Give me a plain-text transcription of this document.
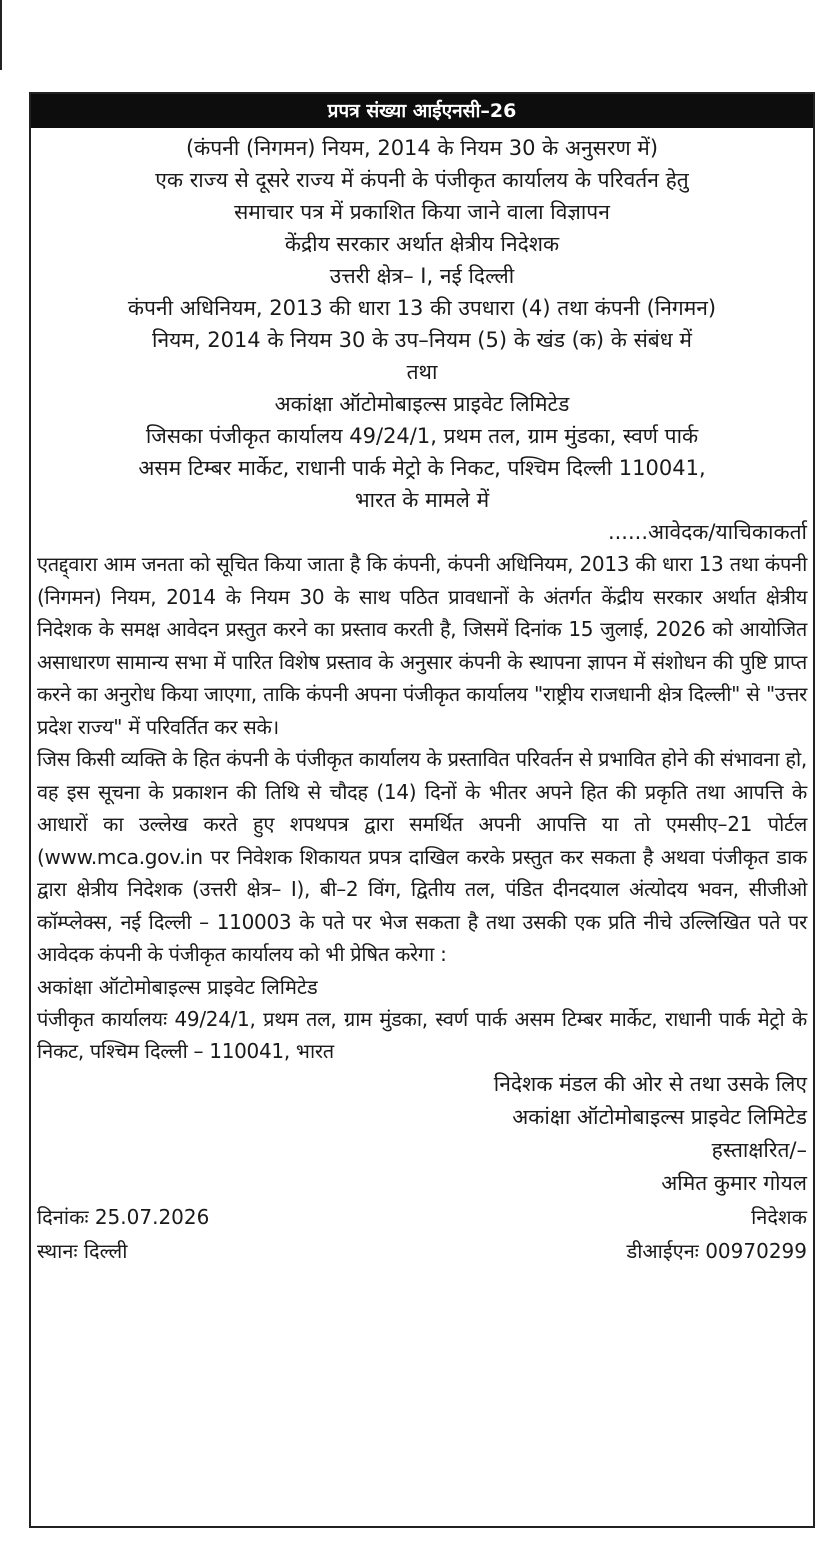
प्रपत्र संख्या आईएनसी–26

(कंपनी (निगमन) नियम, 2014 के नियम 30 के अनुसरण में)

एक राज्य से दूसरे राज्य में कंपनी के पंजीकृत कार्यालय के परिवर्तन हेतु

समाचार पत्र में प्रकाशित किया जाने वाला विज्ञापन

केंद्रीय सरकार अर्थात क्षेत्रीय निदेशक

उत्तरी क्षेत्र– I, नई दिल्ली

कंपनी अधिनियम, 2013 की धारा 13 की उपधारा (4) तथा कंपनी (निगमन)

नियम, 2014 के नियम 30 के उप–नियम (5) के खंड (क) के संबंध में

तथा

अकांक्षा ऑटोमोबाइल्स प्राइवेट लिमिटेड

जिसका पंजीकृत कार्यालय 49/24/1, प्रथम तल, ग्राम मुंडका, स्वर्ण पार्क

असम टिम्बर मार्केट, राधानी पार्क मेट्रो के निकट, पश्चिम दिल्ली 110041,

भारत के मामले में

......आवेदक/याचिकाकर्ता

एतद्द्वारा आम जनता को सूचित किया जाता है कि कंपनी, कंपनी अधिनियम, 2013 की धारा 13 तथा कंपनी (निगमन) नियम, 2014 के नियम 30 के साथ पठित प्रावधानों के अंतर्गत केंद्रीय सरकार अर्थात क्षेत्रीय निदेशक के समक्ष आवेदन प्रस्तुत करने का प्रस्ताव करती है, जिसमें दिनांक 15 जुलाई, 2026 को आयोजित असाधारण सामान्य सभा में पारित विशेष प्रस्ताव के अनुसार कंपनी के स्थापना ज्ञापन में संशोधन की पुष्टि प्राप्त करने का अनुरोध किया जाएगा, ताकि कंपनी अपना पंजीकृत कार्यालय "राष्ट्रीय राजधानी क्षेत्र दिल्ली" से "उत्तर प्रदेश राज्य" में परिवर्तित कर सके।

जिस किसी व्यक्ति के हित कंपनी के पंजीकृत कार्यालय के प्रस्तावित परिवर्तन से प्रभावित होने की संभावना हो, वह इस सूचना के प्रकाशन की तिथि से चौदह (14) दिनों के भीतर अपने हित की प्रकृति तथा आपत्ति के आधारों का उल्लेख करते हुए शपथपत्र द्वारा समर्थित अपनी आपत्ति या तो एमसीए–21 पोर्टल (www.mca.gov.in पर निवेशक शिकायत प्रपत्र दाखिल करके प्रस्तुत कर सकता है अथवा पंजीकृत डाक द्वारा क्षेत्रीय निदेशक (उत्तरी क्षेत्र– I), बी–2 विंग, द्वितीय तल, पंडित दीनदयाल अंत्योदय भवन, सीजीओ कॉम्प्लेक्स, नई दिल्ली – 110003 के पते पर भेज सकता है तथा उसकी एक प्रति नीचे उल्लिखित पते पर आवेदक कंपनी के पंजीकृत कार्यालय को भी प्रेषित करेगा :

अकांक्षा ऑटोमोबाइल्स प्राइवेट लिमिटेड

पंजीकृत कार्यालयः 49/24/1, प्रथम तल, ग्राम मुंडका, स्वर्ण पार्क असम टिम्बर मार्केट, राधानी पार्क मेट्रो के निकट, पश्चिम दिल्ली – 110041, भारत

निदेशक मंडल की ओर से तथा उसके लिए

अकांक्षा ऑटोमोबाइल्स प्राइवेट लिमिटेड

हस्ताक्षरित/–

अमित कुमार गोयल

दिनांकः 25.07.2026

स्थानः दिल्ली

निदेशक

डीआईएनः 00970299
